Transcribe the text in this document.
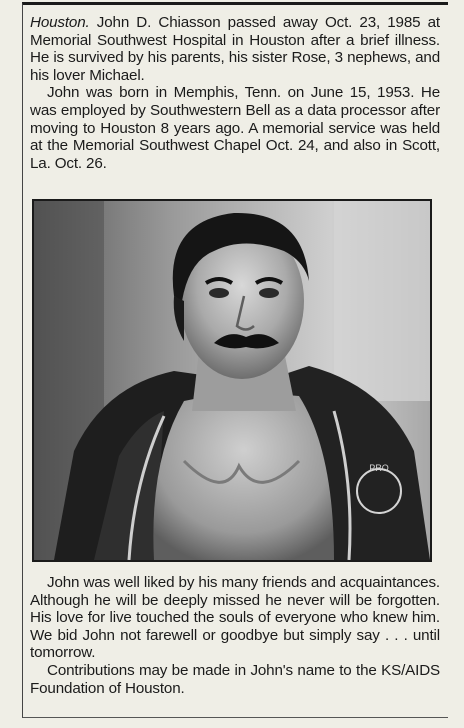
Houston. John D. Chiasson passed away Oct. 23, 1985 at Memorial Southwest Hospital in Houston after a brief illness. He is survived by his parents, his sister Rose, 3 nephews, and his lover Michael.

John was born in Memphis, Tenn. on June 15, 1953. He was employed by Southwestern Bell as a data processor after moving to Houston 8 years ago. A memorial service was held at the Memorial Southwest Chapel Oct. 24, and also in Scott, La. Oct. 26.

PRO

John was well liked by his many friends and acquaintances. Although he will be deeply missed he never will be forgotten. His love for live touched the souls of everyone who knew him. We bid John not farewell or goodbye but simply say . . . until tomorrow.

Contributions may be made in John's name to the KS/AIDS Foundation of Houston.
